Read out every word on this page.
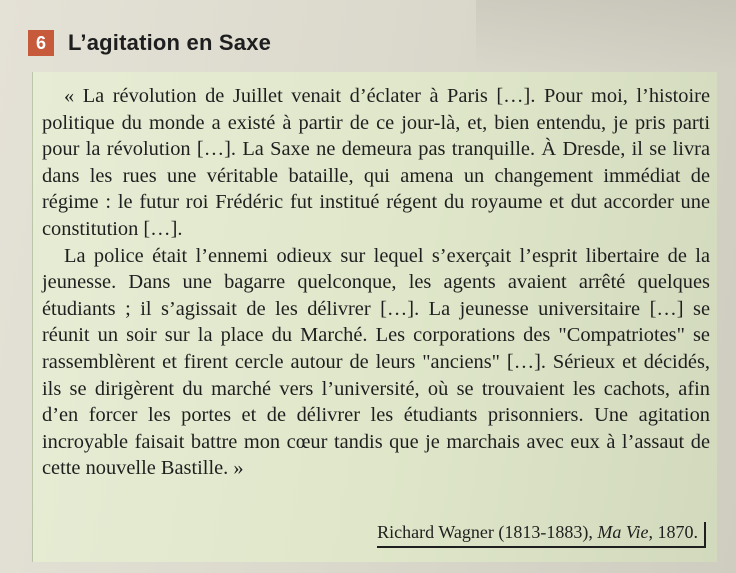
6	L’agitation en Saxe

« La révolution de Juillet venait d’éclater à Paris […]. Pour moi, l’histoire politique du monde a existé à partir de ce jour-là, et, bien entendu, je pris parti pour la révolution […]. La Saxe ne demeura pas tranquille. À Dresde, il se livra dans les rues une véritable bataille, qui amena un changement immédiat de régime : le futur roi Frédéric fut institué régent du royaume et dut accorder une constitution […].

La police était l’ennemi odieux sur lequel s’exerçait l’esprit libertaire de la jeunesse. Dans une bagarre quelconque, les agents avaient arrêté quelques étudiants ; il s’agissait de les délivrer […]. La jeunesse universitaire […] se réunit un soir sur la place du Marché. Les corporations des "Compatriotes" se rassemblèrent et firent cercle autour de leurs "anciens" […]. Sérieux et décidés, ils se dirigèrent du marché vers l’université, où se trouvaient les cachots, afin d’en forcer les portes et de délivrer les étudiants prisonniers. Une agitation incroyable faisait battre mon cœur tandis que je marchais avec eux à l’assaut de cette nouvelle Bastille. »

Richard Wagner (1813-1883), Ma Vie, 1870.
